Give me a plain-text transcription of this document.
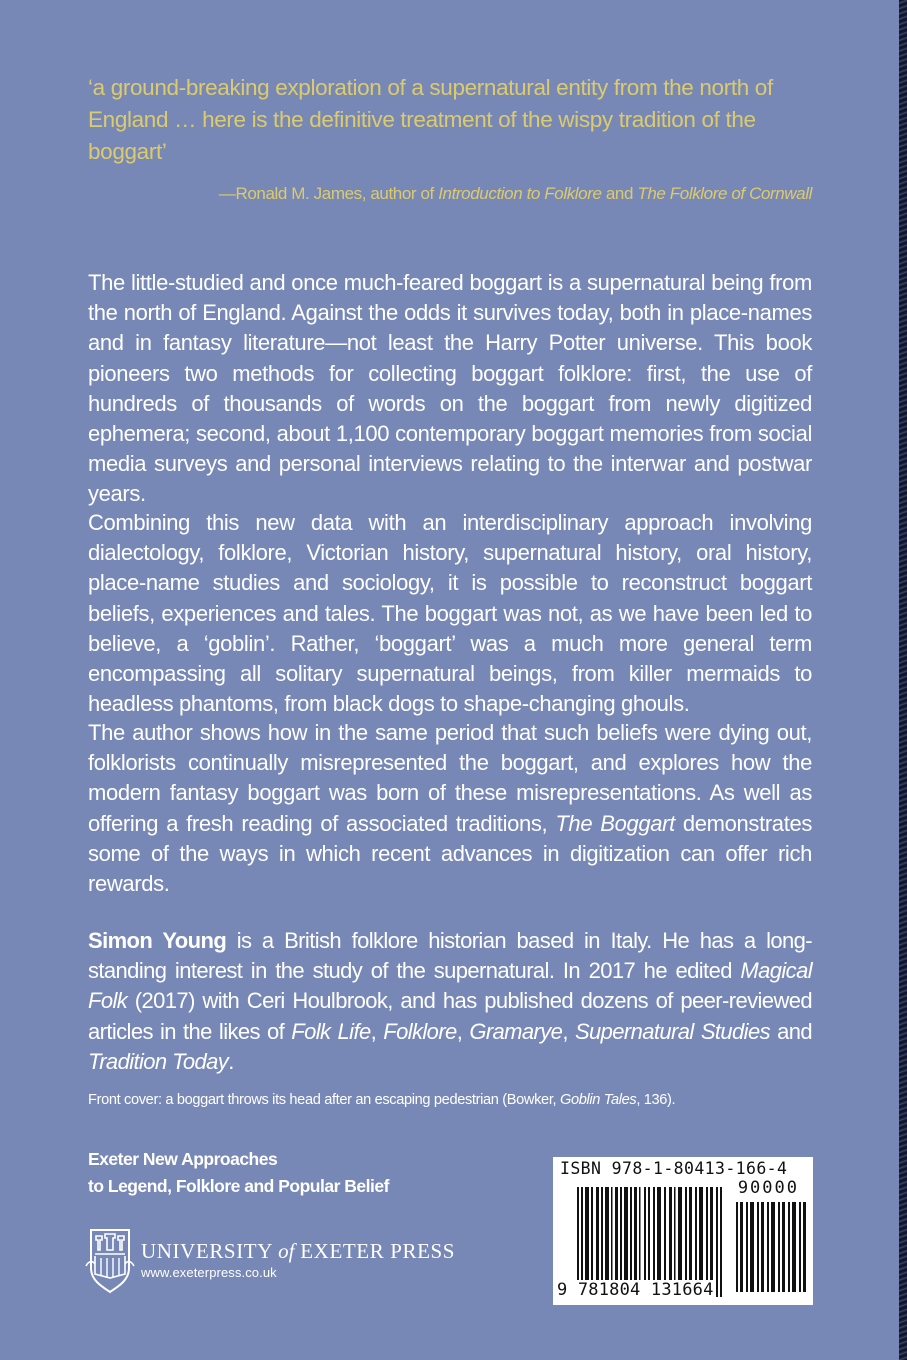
‘a ground-breaking exploration of a supernatural entity from the north of England … here is the definitive treatment of the wispy tradition of the boggart’

—Ronald M. James, author of Introduction to Folklore and The Folklore of Cornwall

The little-studied and once much-feared boggart is a supernatural being from the north of England. Against the odds it survives today, both in place-names and in fantasy literature—not least the Harry Potter universe. This book pioneers two methods for collecting boggart folklore: first, the use of hundreds of thousands of words on the boggart from newly digitized ephemera; second, about 1,100 contemporary boggart memories from social media surveys and personal interviews relating to the interwar and postwar years.

Combining this new data with an interdisciplinary approach involving dialectology, folklore, Victorian history, supernatural history, oral history, place-name studies and sociology, it is possible to reconstruct boggart beliefs, experiences and tales. The boggart was not, as we have been led to believe, a ‘goblin’. Rather, ‘boggart’ was a much more general term encompassing all solitary supernatural beings, from killer mermaids to headless phantoms, from black dogs to shape-changing ghouls.

The author shows how in the same period that such beliefs were dying out, folklorists continually misrepresented the boggart, and explores how the modern fantasy boggart was born of these misrepresentations. As well as offering a fresh reading of associated traditions, The Boggart demonstrates some of the ways in which recent advances in digitization can offer rich rewards.

Simon Young is a British folklore historian based in Italy. He has a long-standing interest in the study of the supernatural. In 2017 he edited Magical Folk (2017) with Ceri Houlbrook, and has published dozens of peer-reviewed articles in the likes of Folk Life, Folklore, Gramarye, Supernatural Studies and Tradition Today.

Front cover: a boggart throws its head after an escaping pedestrian (Bowker, Goblin Tales, 136).
Exeter New Approaches
to Legend, Folklore and Popular Belief
UNIVERSITY of EXETER PRESS
www.exeterpress.co.uk
ISBN 978-1-80413-166-4
90000
9 781804 131664
